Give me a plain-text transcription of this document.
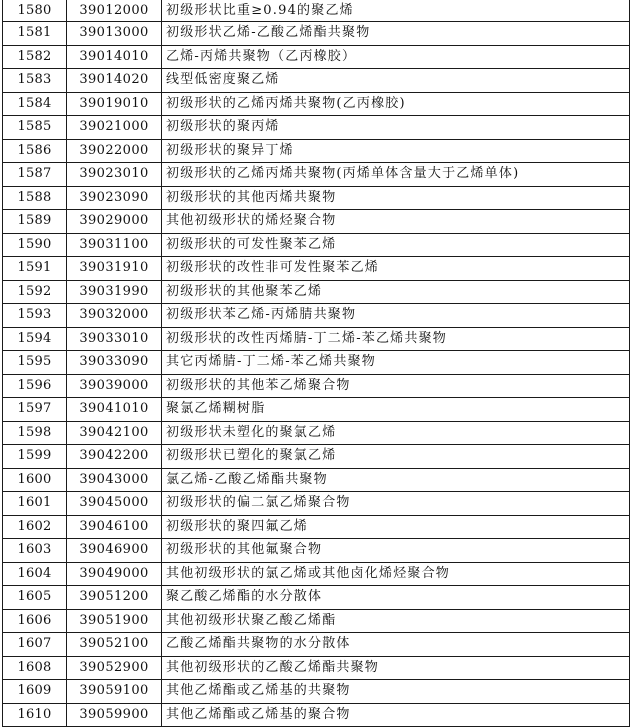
1580	39012000	初级形状比重≥0.94的聚乙烯
1581	39013000	初级形状乙烯-乙酸乙烯酯共聚物
1582	39014010	乙烯-丙烯共聚物（乙丙橡胶）
1583	39014020	线型低密度聚乙烯
1584	39019010	初级形状的乙烯丙烯共聚物(乙丙橡胶)
1585	39021000	初级形状的聚丙烯
1586	39022000	初级形状的聚异丁烯
1587	39023010	初级形状的乙烯丙烯共聚物(丙烯单体含量大于乙烯单体)
1588	39023090	初级形状的其他丙烯共聚物
1589	39029000	其他初级形状的烯烃聚合物
1590	39031100	初级形状的可发性聚苯乙烯
1591	39031910	初级形状的改性非可发性聚苯乙烯
1592	39031990	初级形状的其他聚苯乙烯
1593	39032000	初级形状苯乙烯-丙烯腈共聚物
1594	39033010	初级形状的改性丙烯腈-丁二烯-苯乙烯共聚物
1595	39033090	其它丙烯腈-丁二烯-苯乙烯共聚物
1596	39039000	初级形状的其他苯乙烯聚合物
1597	39041010	聚氯乙烯糊树脂
1598	39042100	初级形状未塑化的聚氯乙烯
1599	39042200	初级形状已塑化的聚氯乙烯
1600	39043000	氯乙烯-乙酸乙烯酯共聚物
1601	39045000	初级形状的偏二氯乙烯聚合物
1602	39046100	初级形状的聚四氟乙烯
1603	39046900	初级形状的其他氟聚合物
1604	39049000	其他初级形状的氯乙烯或其他卤化烯烃聚合物
1605	39051200	聚乙酸乙烯酯的水分散体
1606	39051900	其他初级形状聚乙酸乙烯酯
1607	39052100	乙酸乙烯酯共聚物的水分散体
1608	39052900	其他初级形状的乙酸乙烯酯共聚物
1609	39059100	其他乙烯酯或乙烯基的共聚物
1610	39059900	其他乙烯酯或乙烯基的聚合物
